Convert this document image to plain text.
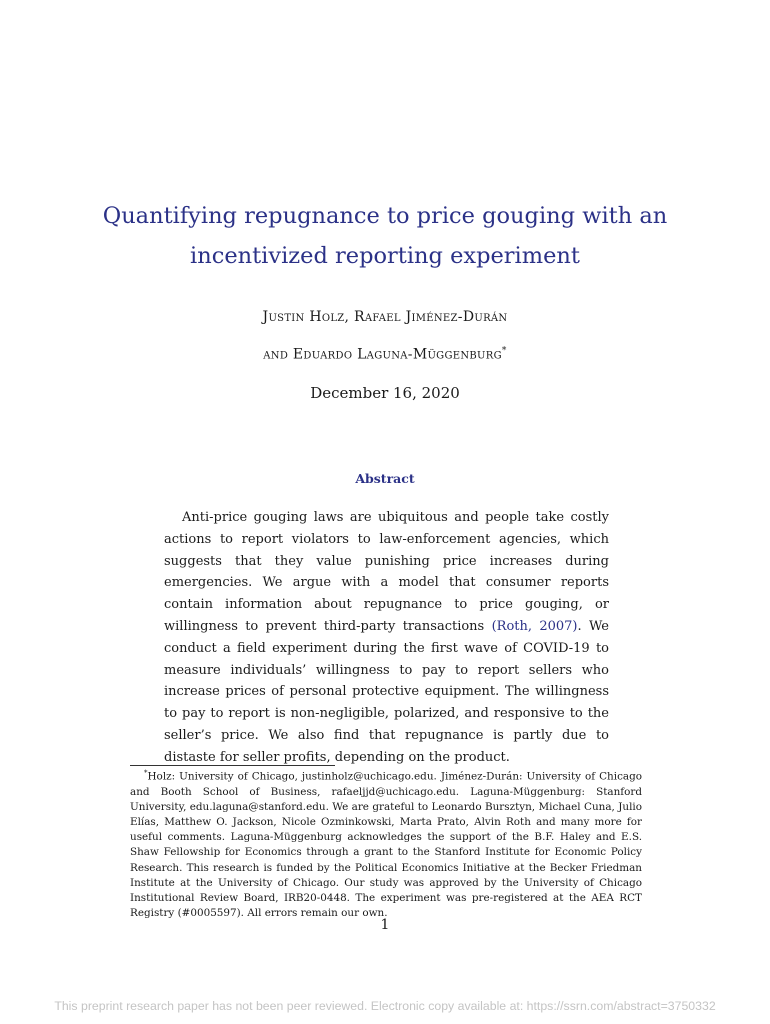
Quantifying repugnance to price gouging with an
incentivized reporting experiment
Justin Holz, Rafael Jiménez-Durán
and Eduardo Laguna-Müggenburg*
December 16, 2020
Abstract
Anti-price gouging laws are ubiquitous and people take costly actions to report violators to law-enforcement agencies, which suggests that they value punishing price increases during emergencies. We argue with a model that consumer reports contain information about repugnance to price gouging, or willingness to prevent third-party transactions (Roth, 2007). We conduct a field experiment during the first wave of COVID-19 to measure individuals’ willingness to pay to report sellers who increase prices of personal protective equipment. The willingness to pay to report is non-negligible, polarized, and responsive to the seller’s price. We also find that repugnance is partly due to distaste for seller profits, depending on the product.
*Holz: University of Chicago, justinholz@uchicago.edu. Jiménez-Durán: University of Chicago and Booth School of Business, rafaeljjd@uchicago.edu. Laguna-Müggenburg: Stanford University, edu.laguna@stanford.edu. We are grateful to Leonardo Bursztyn, Michael Cuna, Julio Elías, Matthew O. Jackson, Nicole Ozminkowski, Marta Prato, Alvin Roth and many more for useful comments. Laguna-Müggenburg acknowledges the support of the B.F. Haley and E.S. Shaw Fellowship for Economics through a grant to the Stanford Institute for Economic Policy Research. This research is funded by the Political Economics Initiative at the Becker Friedman Institute at the University of Chicago. Our study was approved by the University of Chicago Institutional Review Board, IRB20-0448. The experiment was pre-registered at the AEA RCT Registry (#0005597). All errors remain our own.
1
This preprint research paper has not been peer reviewed. Electronic copy available at: https://ssrn.com/abstract=3750332
